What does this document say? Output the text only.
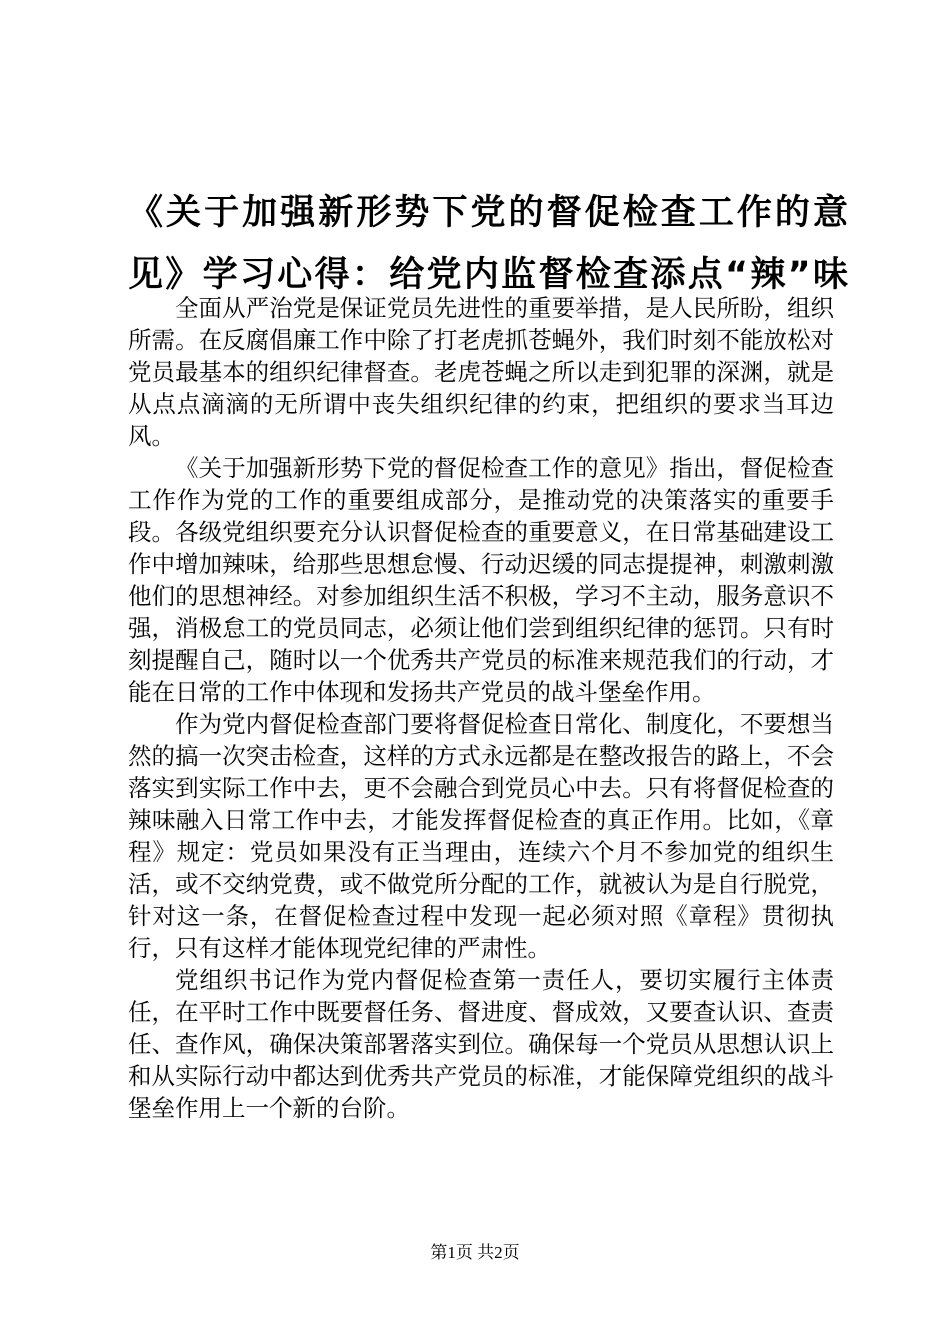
《关于加强新形势下党的督促检查工作的意
见》学习心得：给党内监督检查添点“辣”味

全面从严治党是保证党员先进性的重要举措，是人民所盼，组织所需。在反腐倡廉工作中除了打老虎抓苍蝇外，我们时刻不能放松对党员最基本的组织纪律督查。老虎苍蝇之所以走到犯罪的深渊，就是从点点滴滴的无所谓中丧失组织纪律的约束，把组织的要求当耳边风。

《关于加强新形势下党的督促检查工作的意见》指出，督促检查工作作为党的工作的重要组成部分，是推动党的决策落实的重要手段。各级党组织要充分认识督促检查的重要意义，在日常基础建设工作中增加辣味，给那些思想怠慢、行动迟缓的同志提提神，刺激刺激他们的思想神经。对参加组织生活不积极，学习不主动，服务意识不强，消极怠工的党员同志，必须让他们尝到组织纪律的惩罚。只有时刻提醒自己，随时以一个优秀共产党员的标准来规范我们的行动，才能在日常的工作中体现和发扬共产党员的战斗堡垒作用。

作为党内督促检查部门要将督促检查日常化、制度化，不要想当然的搞一次突击检查，这样的方式永远都是在整改报告的路上，不会落实到实际工作中去，更不会融合到党员心中去。只有将督促检查的辣味融入日常工作中去，才能发挥督促检查的真正作用。比如，《章程》规定：党员如果没有正当理由，连续六个月不参加党的组织生活，或不交纳党费，或不做党所分配的工作，就被认为是自行脱党，针对这一条，在督促检查过程中发现一起必须对照《章程》贯彻执行，只有这样才能体现党纪律的严肃性。

党组织书记作为党内督促检查第一责任人，要切实履行主体责任，在平时工作中既要督任务、督进度、督成效，又要查认识、查责任、查作风，确保决策部署落实到位。确保每一个党员从思想认识上和从实际行动中都达到优秀共产党员的标准，才能保障党组织的战斗堡垒作用上一个新的台阶。

第1页 共2页
